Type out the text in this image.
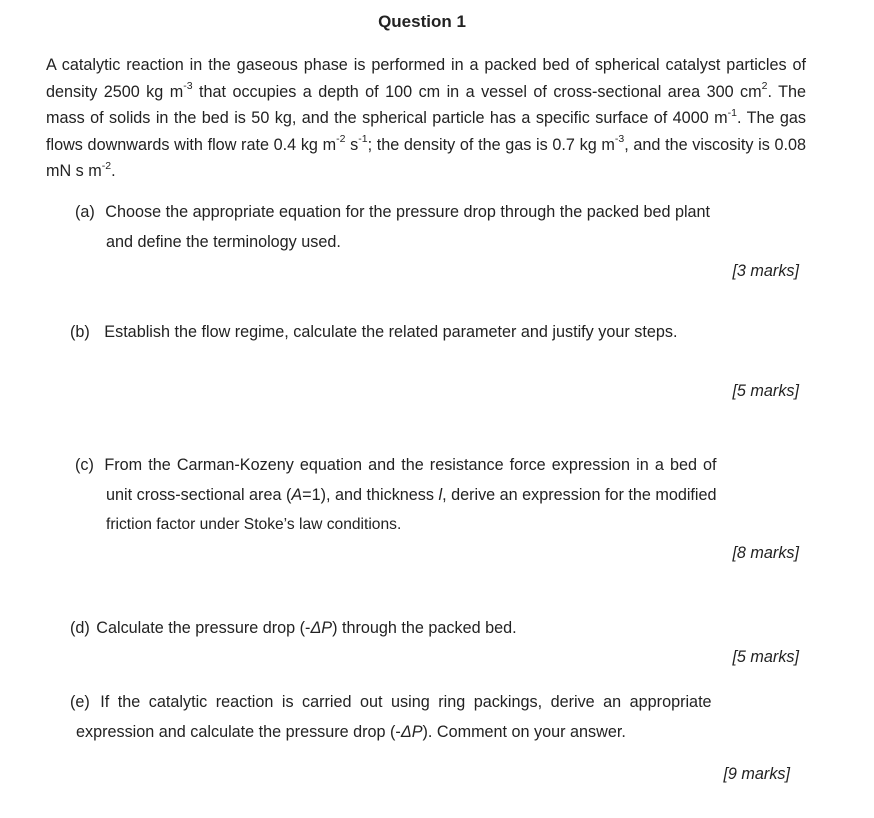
Question 1
A catalytic reaction in the gaseous phase is performed in a packed bed of spherical catalyst particles of density 2500 kg $m^{-3}$ that occupies a depth of 100 cm in a vessel of cross-sectional area 300 $cm^2$. The mass of solids in the bed is 50 kg, and the spherical particle has a specific surface of 4000 $m^{-1}$. The gas flows downwards with flow rate 0.4 kg $m^{-2}$ $s^{-1}$; the density of the gas is 0.7 kg $m^{-3}$, and the viscosity is 0.08 mN s $m^{-2}$.
(a) Choose the appropriate equation for the pressure drop through the packed bed plant
and define the terminology used.
[3 marks]
(b) Establish the flow regime, calculate the related parameter and justify your steps.
[5 marks]
(c) From the Carman-Kozeny equation and the resistance force expression in a bed of
unit cross-sectional area (A=1), and thickness l, derive an expression for the modified
friction factor under Stoke’s law conditions.
[8 marks]
(d) Calculate the pressure drop (-ΔP) through the packed bed.
[5 marks]
(e) If the catalytic reaction is carried out using ring packings, derive an appropriate
expression and calculate the pressure drop (-ΔP). Comment on your answer.
[9 marks]
